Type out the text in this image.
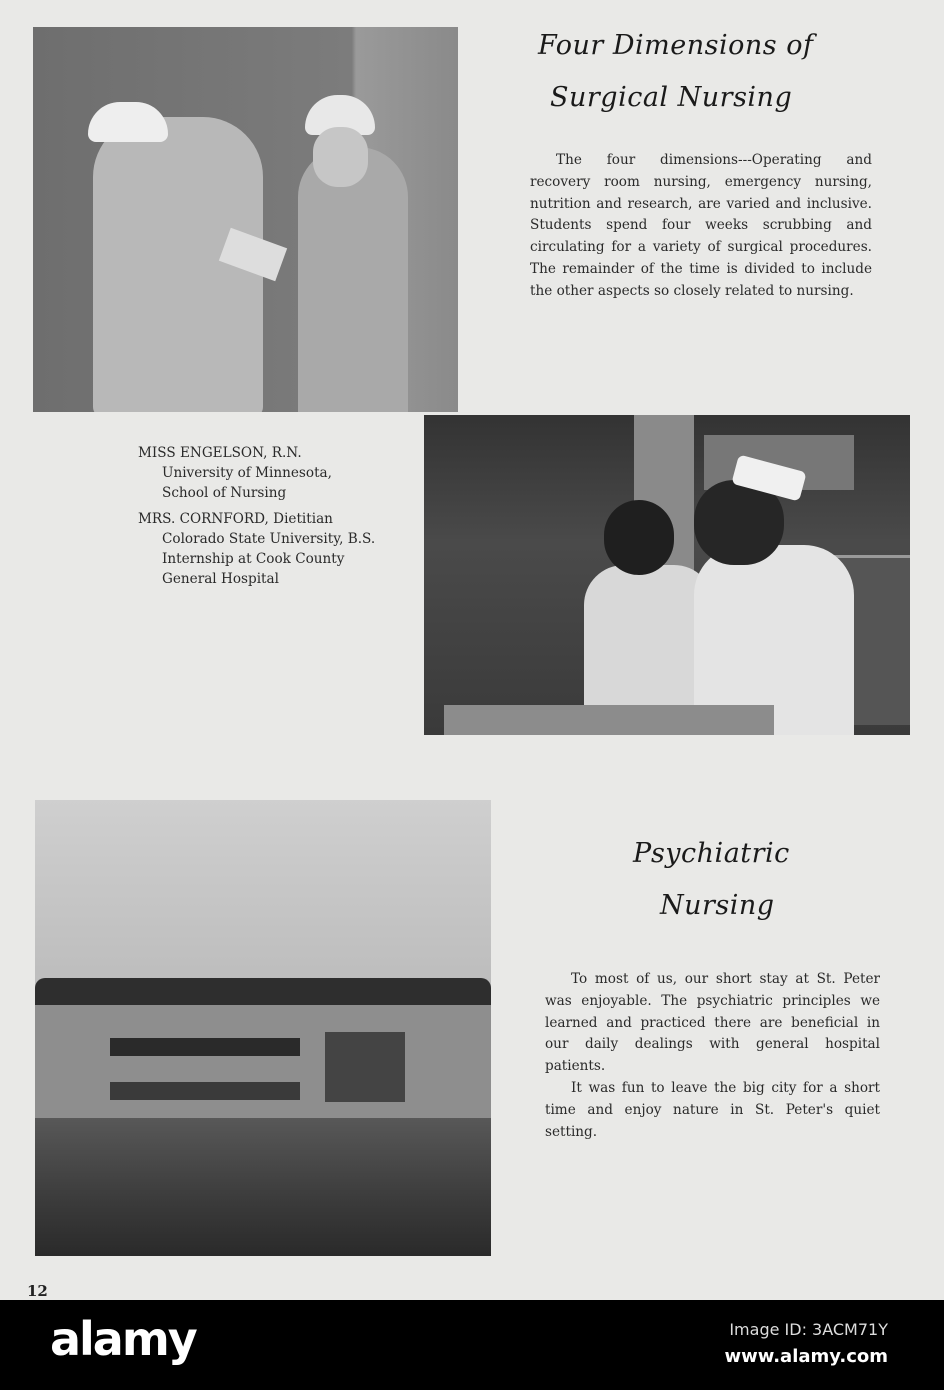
Four Dimensions of
Surgical Nursing

The four dimensions---Operating and recovery room nursing, emergency nursing, nutrition and research, are varied and inclusive. Students spend four weeks scrubbing and circulating for a variety of surgical procedures. The remainder of the time is divided to include the other aspects so closely related to nursing.

MISS ENGELSON, R.N.
University of Minnesota,
School of Nursing
MRS. CORNFORD, Dietitian
Colorado State University, B.S.
Internship at Cook County
General Hospital
Psychiatric
Nursing

To most of us, our short stay at St. Peter was enjoyable. The psychiatric principles we learned and practiced there are beneficial in our daily dealings with general hospital patients.

It was fun to leave the big city for a short time and enjoy nature in St. Peter's quiet setting.

12
alamy	Image ID: 3ACM71Y
www.alamy.com
